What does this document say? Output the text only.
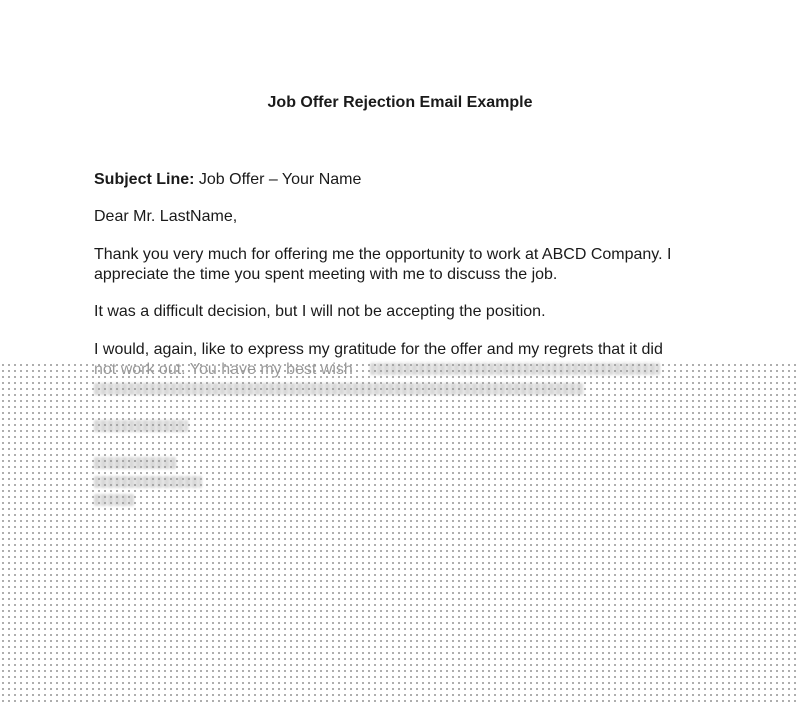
Job Offer Rejection Email Example
Subject Line: Job Offer – Your Name
Dear Mr. LastName,
Thank you very much for offering me the opportunity to work at ABCD Company. I
appreciate the time you spent meeting with me to discuss the job.
It was a difficult decision, but I will not be accepting the position.
I would, again, like to express my gratitude for the offer and my regrets that it did
